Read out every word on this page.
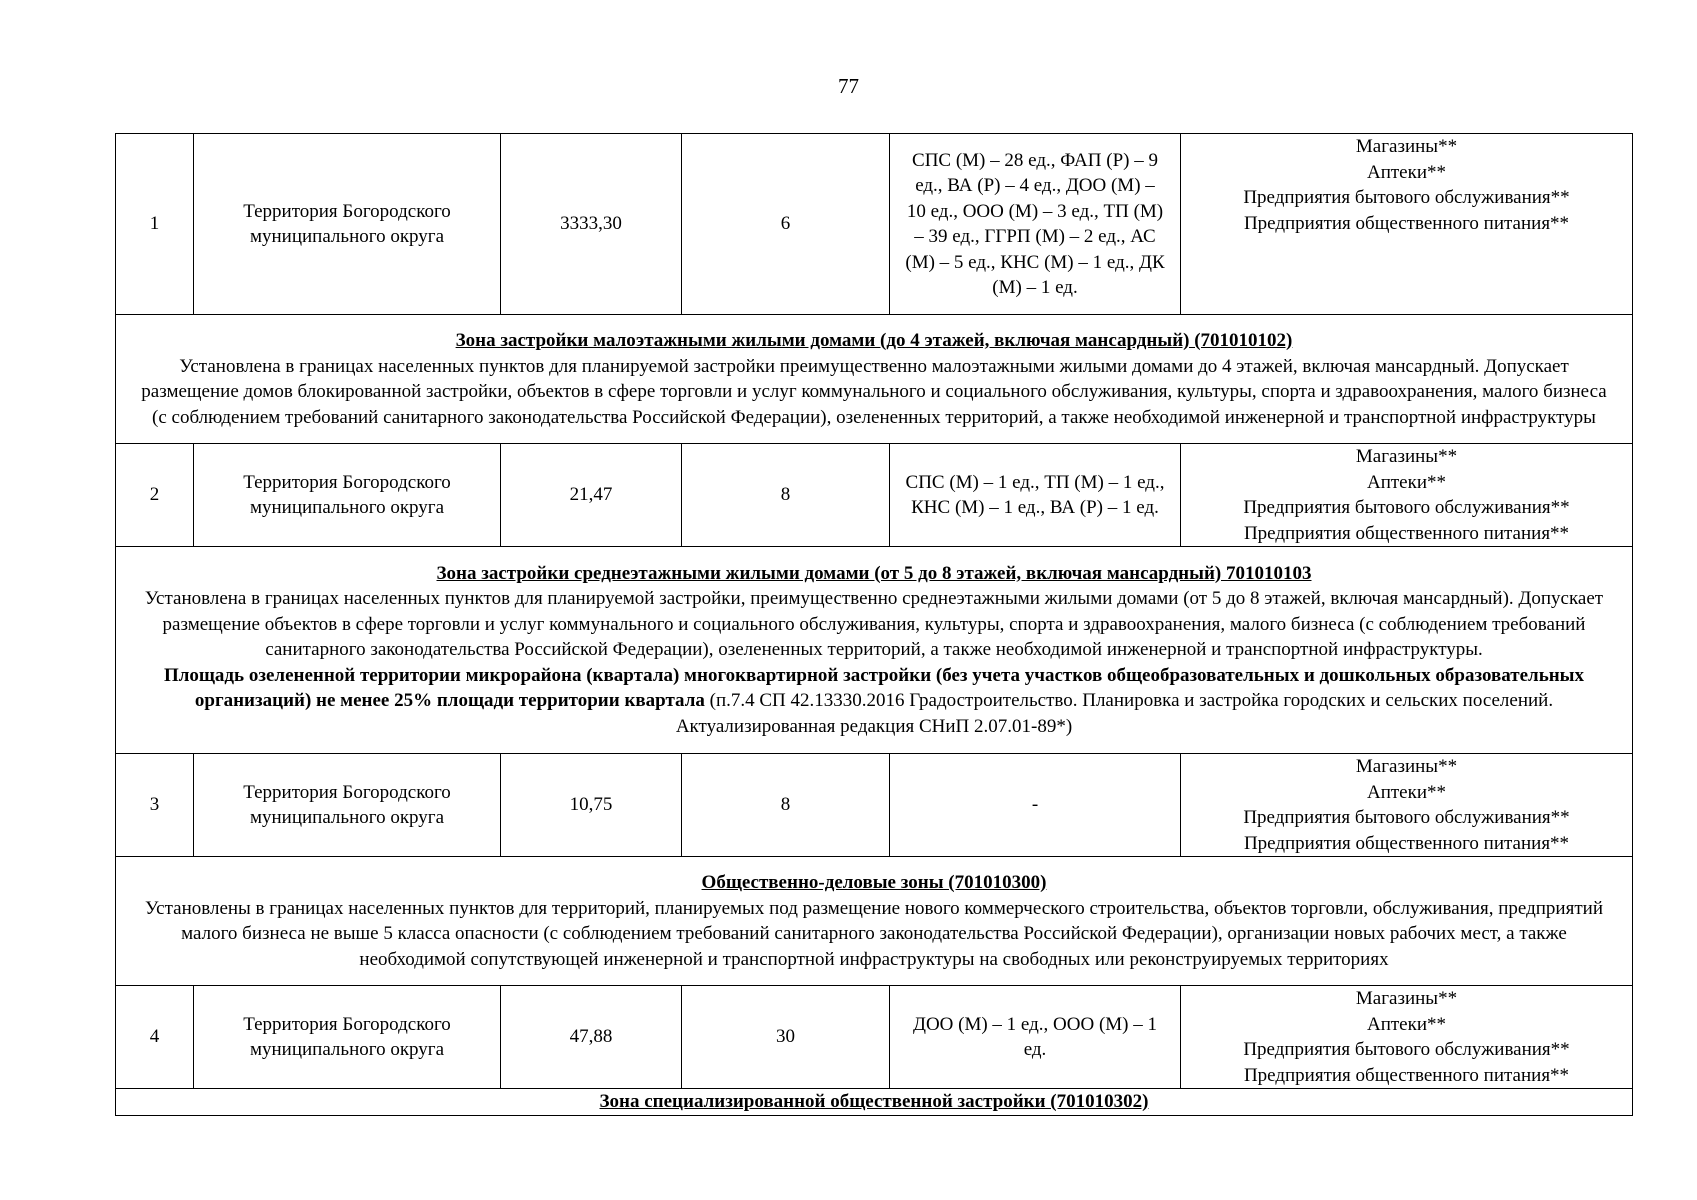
77
1	Территория Богородского муниципального округа	3333,30	6	СПС (М) – 28 ед., ФАП (Р) – 9 ед., ВА (Р) – 4 ед., ДОО (М) – 10 ед., ООО (М) – 3 ед., ТП (М) – 39 ед., ГГРП (М) – 2 ед., АС (М) – 5 ед., КНС (М) – 1 ед., ДК (М) – 1 ед.	Магазины**
Аптеки**
Предприятия бытового обслуживания**
Предприятия общественного питания**

Зона застройки малоэтажными жилыми домами (до 4 этажей, включая мансардный) (701010102)
Установлена в границах населенных пунктов для планируемой застройки преимущественно малоэтажными жилыми домами до 4 этажей, включая мансардный. Допускает размещение домов блокированной застройки, объектов в сфере торговли и услуг коммунального и социального обслуживания, культуры, спорта и здравоохранения, малого бизнеса (с соблюдением требований санитарного законодательства Российской Федерации), озелененных территорий, а также необходимой инженерной и транспортной инфраструктуры					
2	Территория Богородского муниципального округа	21,47	8	СПС (М) – 1 ед., ТП (М) – 1 ед., КНС (М) – 1 ед., ВА (Р) – 1 ед.	Магазины**
Аптеки**
Предприятия бытового обслуживания**
Предприятия общественного питания**

Зона застройки среднеэтажными жилыми домами (от 5 до 8 этажей, включая мансардный) 701010103
Установлена в границах населенных пунктов для планируемой застройки, преимущественно среднеэтажными жилыми домами (от 5 до 8 этажей, включая мансардный). Допускает размещение объектов в сфере торговли и услуг коммунального и социального обслуживания, культуры, спорта и здравоохранения, малого бизнеса (с соблюдением требований санитарного законодательства Российской Федерации), озелененных территорий, а также необходимой инженерной и транспортной инфраструктуры.
Площадь озелененной территории микрорайона (квартала) многоквартирной застройки (без учета участков общеобразовательных и дошкольных образовательных организаций) не менее 25% площади территории квартала (п.7.4 СП 42.13330.2016 Градостроительство. Планировка и застройка городских и сельских поселений. Актуализированная редакция СНиП 2.07.01-89*)					
3	Территория Богородского муниципального округа	10,75	8	-	Магазины**
Аптеки**
Предприятия бытового обслуживания**
Предприятия общественного питания**

Общественно-деловые зоны (701010300)
Установлены в границах населенных пунктов для территорий, планируемых под размещение нового коммерческого строительства, объектов торговли, обслуживания, предприятий малого бизнеса не выше 5 класса опасности (с соблюдением требований санитарного законодательства Российской Федерации), организации новых рабочих мест, а также необходимой сопутствующей инженерной и транспортной инфраструктуры на свободных или реконструируемых территориях					
4	Территория Богородского муниципального округа	47,88	30	ДОО (М) – 1 ед., ООО (М) – 1 ед.	Магазины**
Аптеки**
Предприятия бытового обслуживания**
Предприятия общественного питания**

Зона специализированной общественной застройки (701010302)					
